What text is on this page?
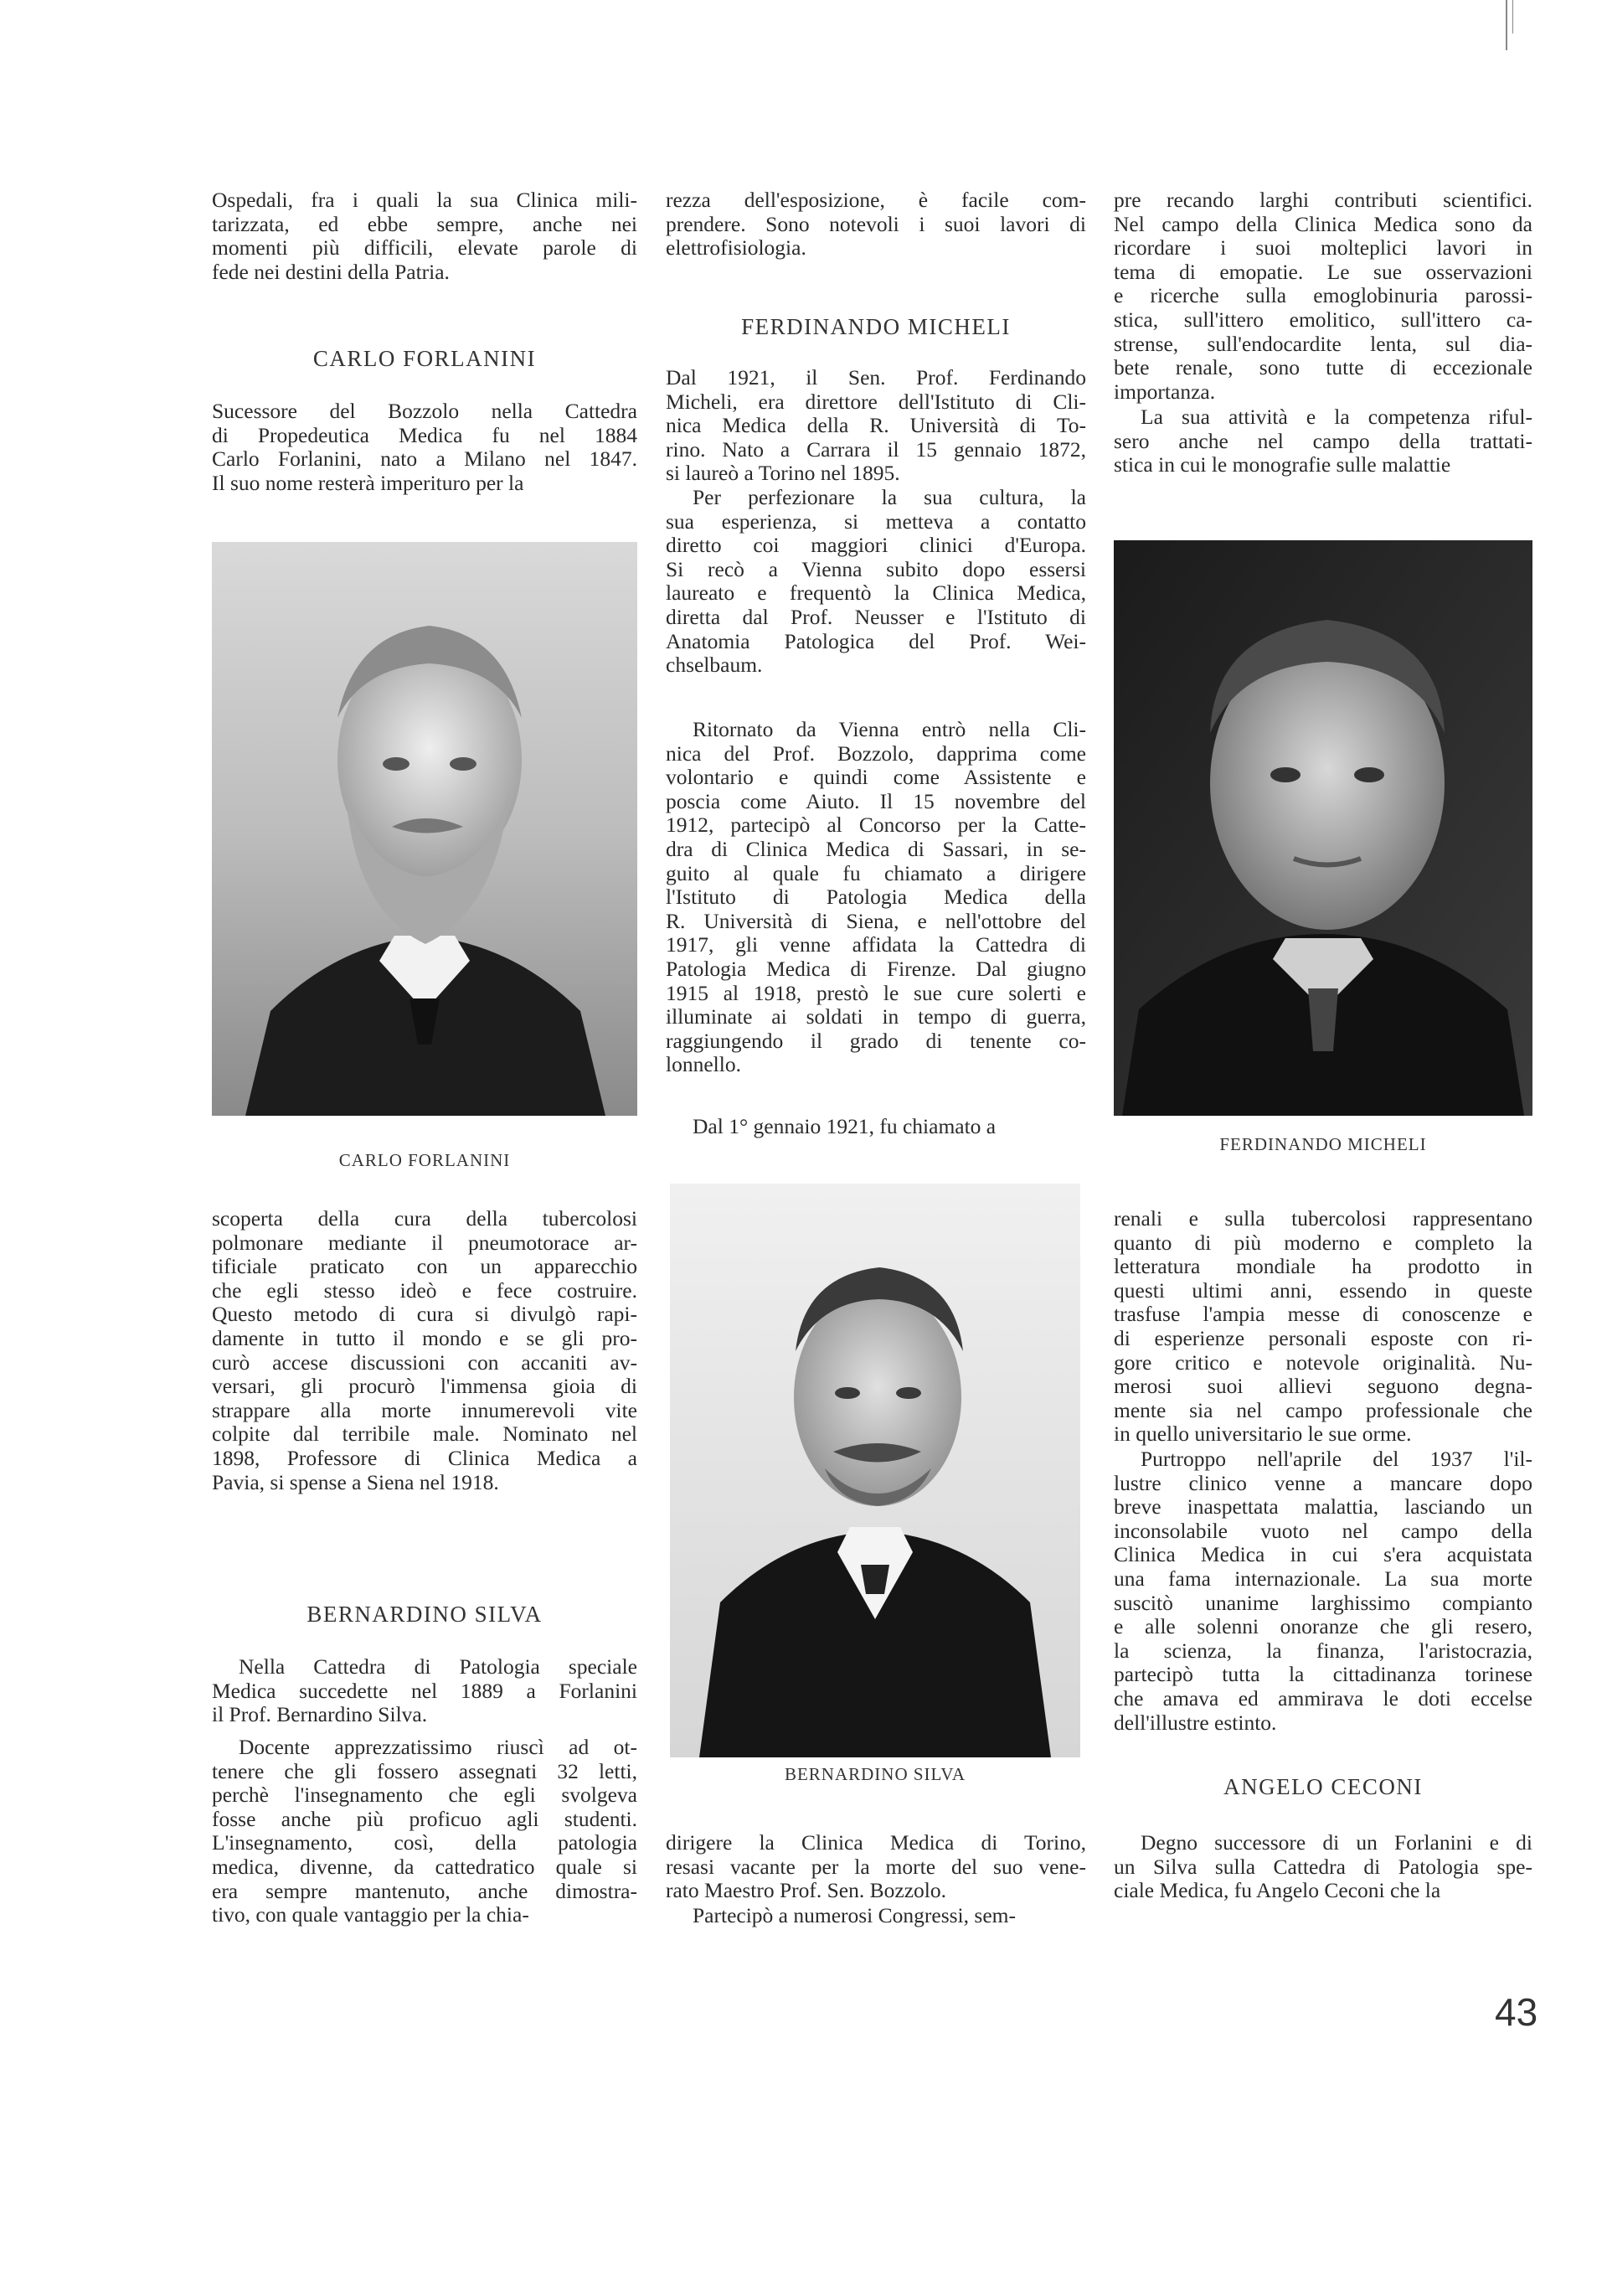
Ospedali, fra i quali la sua Clinica mili-
tarizzata, ed ebbe sempre, anche nei
momenti più difficili, elevate parole di
fede nei destini della Patria.
CARLO FORLANINI
Sucessore del Bozzolo nella Cattedra
di Propedeutica Medica fu nel 1884
Carlo Forlanini, nato a Milano nel 1847.
Il suo nome resterà imperituro per la
CARLO FORLANINI
rezza dell'esposizione, è facile com-
prendere. Sono notevoli i suoi lavori di
elettrofisiologia.
FERDINANDO MICHELI
Dal 1921, il Sen. Prof. Ferdinando
Micheli, era direttore dell'Istituto di Cli-
nica Medica della R. Università di To-
rino. Nato a Carrara il 15 gennaio 1872,
si laureò a Torino nel 1895.
Per perfezionare la sua cultura, la
sua esperienza, si metteva a contatto
diretto coi maggiori clinici d'Europa.
Si recò a Vienna subito dopo essersi
laureato e frequentò la Clinica Medica,
diretta dal Prof. Neusser e l'Istituto di
Anatomia Patologica del Prof. Wei-
chselbaum.
Ritornato da Vienna entrò nella Cli-
nica del Prof. Bozzolo, dapprima come
volontario e quindi come Assistente e
poscia come Aiuto. Il 15 novembre del
1912, partecipò al Concorso per la Catte-
dra di Clinica Medica di Sassari, in se-
guito al quale fu chiamato a dirigere
l'Istituto di Patologia Medica della
R. Università di Siena, e nell'ottobre del
1917, gli venne affidata la Cattedra di
Patologia Medica di Firenze. Dal giugno
1915 al 1918, prestò le sue cure solerti e
illuminate ai soldati in tempo di guerra,
raggiungendo il grado di tenente co-
lonnello.
Dal 1° gennaio 1921, fu chiamato a
pre recando larghi contributi scientifici.
Nel campo della Clinica Medica sono da
ricordare i suoi molteplici lavori in
tema di emopatie. Le sue osservazioni
e ricerche sulla emoglobinuria parossi-
stica, sull'ittero emolitico, sull'ittero ca-
strense, sull'endocardite lenta, sul dia-
bete renale, sono tutte di eccezionale
importanza.
La sua attività e la competenza riful-
sero anche nel campo della trattati-
stica in cui le monografie sulle malattie
FERDINANDO MICHELI
scoperta della cura della tubercolosi
polmonare mediante il pneumotorace ar-
tificiale praticato con un apparecchio
che egli stesso ideò e fece costruire.
Questo metodo di cura si divulgò rapi-
damente in tutto il mondo e se gli pro-
curò accese discussioni con accaniti av-
versari, gli procurò l'immensa gioia di
strappare alla morte innumerevoli vite
colpite dal terribile male. Nominato nel
1898, Professore di Clinica Medica a
Pavia, si spense a Siena nel 1918.
BERNARDINO SILVA
Nella Cattedra di Patologia speciale
Medica succedette nel 1889 a Forlanini
il Prof. Bernardino Silva.
Docente apprezzatissimo riuscì ad ot-
tenere che gli fossero assegnati 32 letti,
perchè l'insegnamento che egli svolgeva
fosse anche più proficuo agli studenti.
L'insegnamento, così, della patologia
medica, divenne, da cattedratico quale si
era sempre mantenuto, anche dimostra-
tivo, con quale vantaggio per la chia-
BERNARDINO SILVA
dirigere la Clinica Medica di Torino,
resasi vacante per la morte del suo vene-
rato Maestro Prof. Sen. Bozzolo.
Partecipò a numerosi Congressi, sem-
renali e sulla tubercolosi rappresentano
quanto di più moderno e completo la
letteratura mondiale ha prodotto in
questi ultimi anni, essendo in queste
trasfuse l'ampia messe di conoscenze e
di esperienze personali esposte con ri-
gore critico e notevole originalità. Nu-
merosi suoi allievi seguono degna-
mente sia nel campo professionale che
in quello universitario le sue orme.
Purtroppo nell'aprile del 1937 l'il-
lustre clinico venne a mancare dopo
breve inaspettata malattia, lasciando un
inconsolabile vuoto nel campo della
Clinica Medica in cui s'era acquistata
una fama internazionale. La sua morte
suscitò unanime larghissimo compianto
e alle solenni onoranze che gli resero,
la scienza, la finanza, l'aristocrazia,
partecipò tutta la cittadinanza torinese
che amava ed ammirava le doti eccelse
dell'illustre estinto.
ANGELO CECONI
Degno successore di un Forlanini e di
un Silva sulla Cattedra di Patologia spe-
ciale Medica, fu Angelo Ceconi che la
43
